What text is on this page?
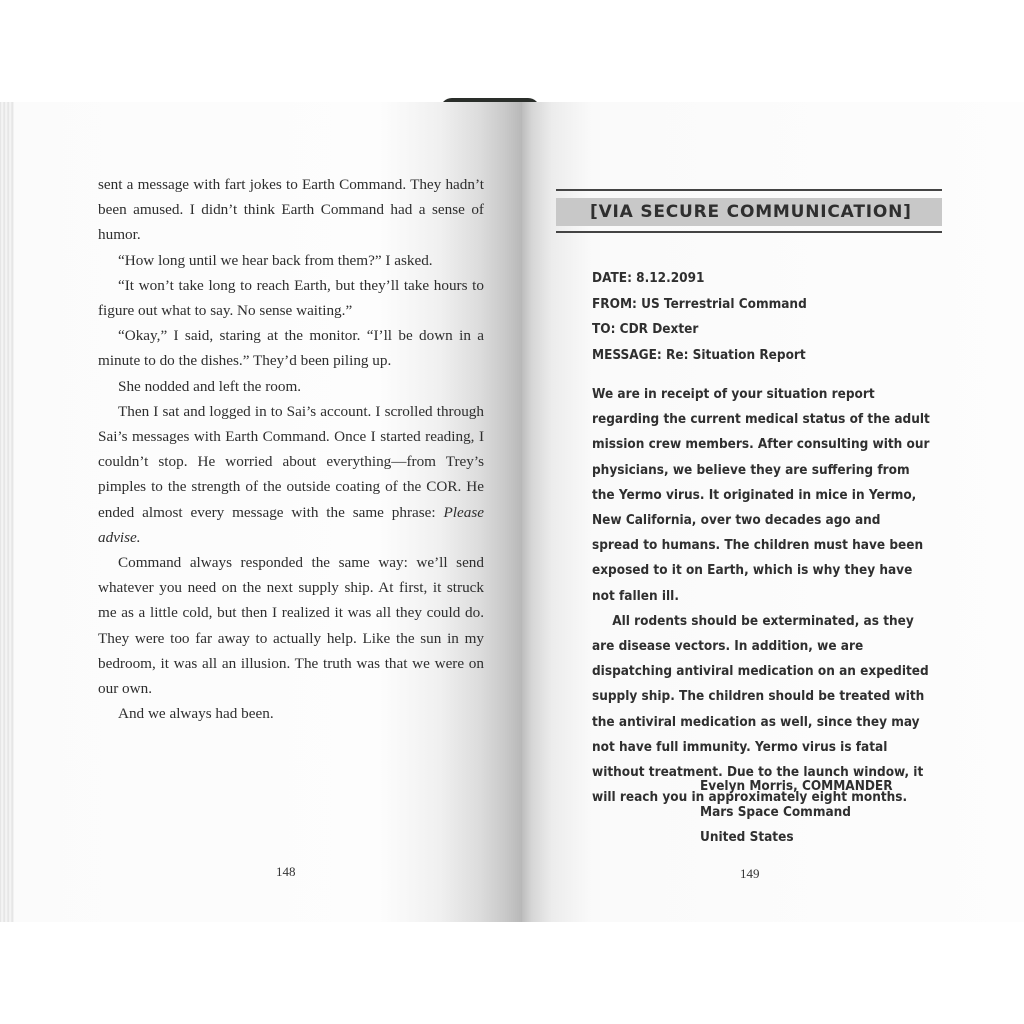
sent a message with fart jokes to Earth Command. They hadn’t been amused. I didn’t think Earth Command had a sense of humor.

“How long until we hear back from them?” I asked.

“It won’t take long to reach Earth, but they’ll take hours to figure out what to say. No sense waiting.”

“Okay,” I said, staring at the monitor. “I’ll be down in a minute to do the dishes.” They’d been piling up.

She nodded and left the room.

Then I sat and logged in to Sai’s account. I scrolled through Sai’s messages with Earth Command. Once I started reading, I couldn’t stop. He worried about everything—from Trey’s pimples to the strength of the outside coating of the COR. He ended almost every message with the same phrase: Please advise.

Command always responded the same way: we’ll send whatever you need on the next supply ship. At first, it struck me as a little cold, but then I realized it was all they could do. They were too far away to actually help. Like the sun in my bedroom, it was all an illusion. The truth was that we were on our own.

And we always had been.

148
[VIA SECURE COMMUNICATION]
DATE: 8.12.2091
FROM: US Terrestrial Command
TO: CDR Dexter
MESSAGE: Re: Situation Report

We are in receipt of your situation report regarding the current medical status of the adult mission crew members. After consulting with our physicians, we believe they are suffering from the Yermo virus. It originated in mice in Yermo, New California, over two decades ago and spread to humans. The children must have been exposed to it on Earth, which is why they have not fallen ill.

All rodents should be exterminated, as they are disease vectors. In addition, we are dispatching antiviral medication on an expedited supply ship. The children should be treated with the antiviral medication as well, since they may not have full immunity. Yermo virus is fatal without treatment. Due to the launch window, it will reach you in approximately eight months.

Evelyn Morris, COMMANDER
Mars Space Command
United States
149
